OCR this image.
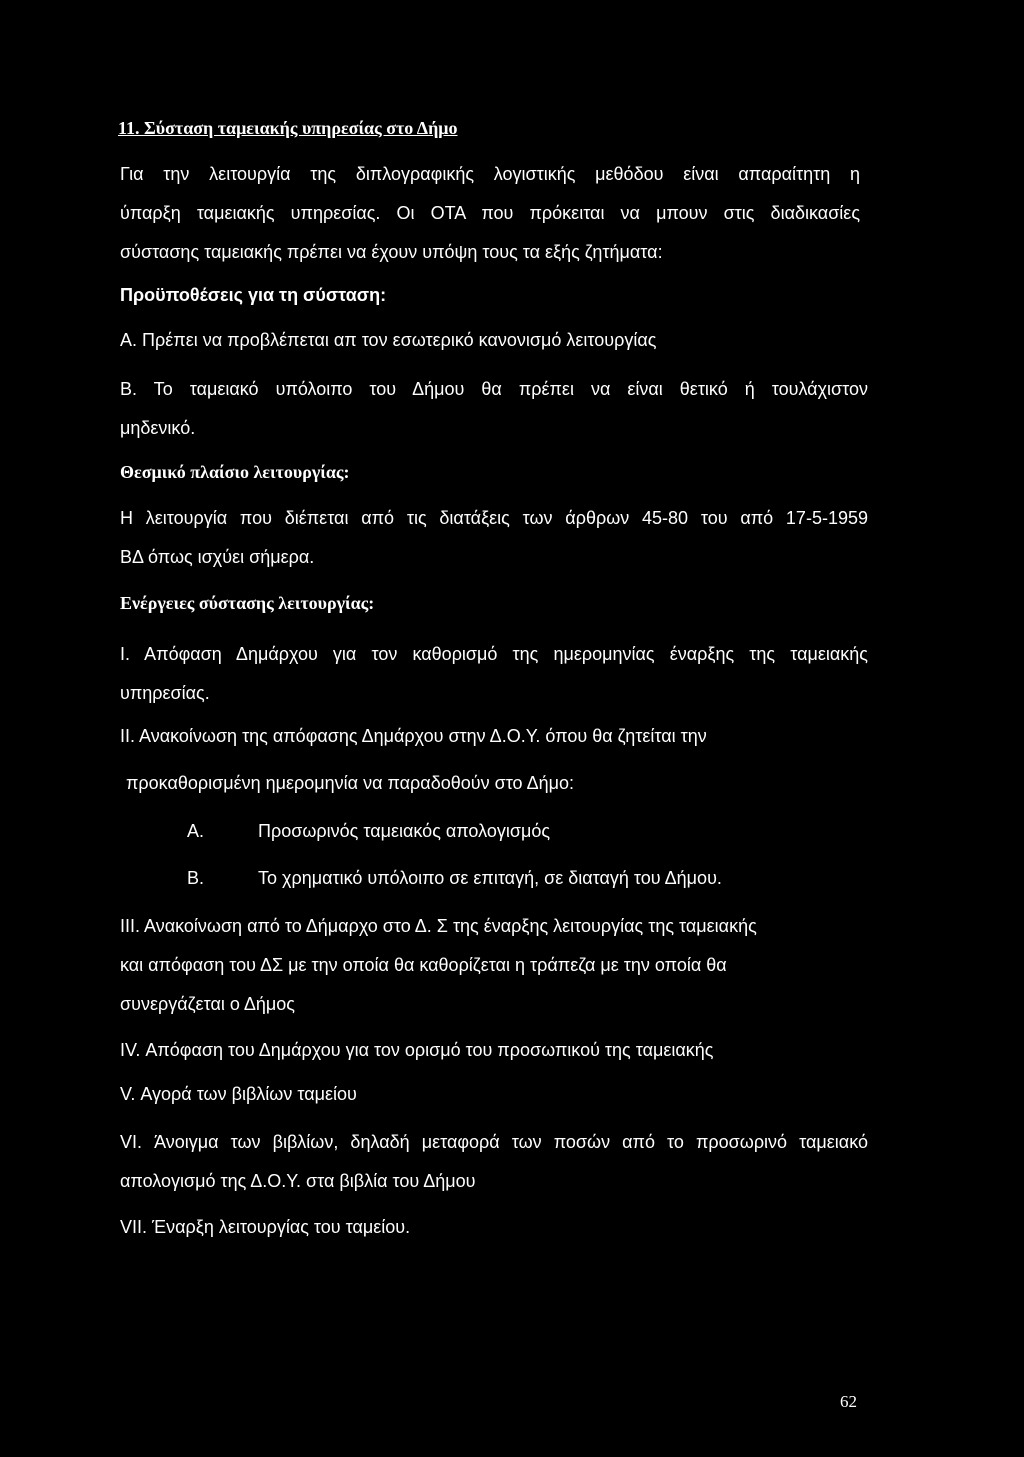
11. Σύσταση ταμειακής υπηρεσίας στο Δήμο
Για την λειτουργία της διπλογραφικής λογιστικής μεθόδου είναι απαραίτητη η
ύπαρξη ταμειακής υπηρεσίας. Οι ΟΤΑ που πρόκειται να μπουν στις διαδικασίες
σύστασης ταμειακής πρέπει να έχουν υπόψη τους τα εξής ζητήματα:
Προϋποθέσεις για τη σύσταση:
Α. Πρέπει να προβλέπεται απ τον εσωτερικό κανονισμό λειτουργίας
Β. Το ταμειακό υπόλοιπο του Δήμου θα πρέπει να είναι θετικό ή τουλάχιστον
μηδενικό.
Θεσμικό πλαίσιο λειτουργίας:
Η λειτουργία που διέπεται από τις διατάξεις των άρθρων 45-80 του από 17-5-1959
ΒΔ όπως ισχύει σήμερα.
Ενέργειες σύστασης λειτουργίας:
Ι. Απόφαση Δημάρχου για τον καθορισμό της ημερομηνίας έναρξης της ταμειακής
υπηρεσίας.
ΙΙ. Ανακοίνωση της απόφασης Δημάρχου στην Δ.Ο.Υ. όπου θα ζητείται την
προκαθορισμένη ημερομηνία να παραδοθούν στο Δήμο:
Α.	Προσωρινός ταμειακός απολογισμός
Β.	Το χρηματικό υπόλοιπο σε επιταγή, σε διαταγή του Δήμου.
ΙΙΙ. Ανακοίνωση από το Δήμαρχο στο Δ. Σ της έναρξης λειτουργίας της ταμειακής
και απόφαση του ΔΣ με την οποία θα καθορίζεται η τράπεζα με την οποία θα
συνεργάζεται ο Δήμος
IV. Απόφαση του Δημάρχου για τον ορισμό του προσωπικού της ταμειακής
V. Αγορά των βιβλίων ταμείου
VI. Άνοιγμα των βιβλίων, δηλαδή μεταφορά των ποσών από το προσωρινό ταμειακό
απολογισμό της Δ.Ο.Υ. στα βιβλία του Δήμου
VII. Έναρξη λειτουργίας του ταμείου.
62
